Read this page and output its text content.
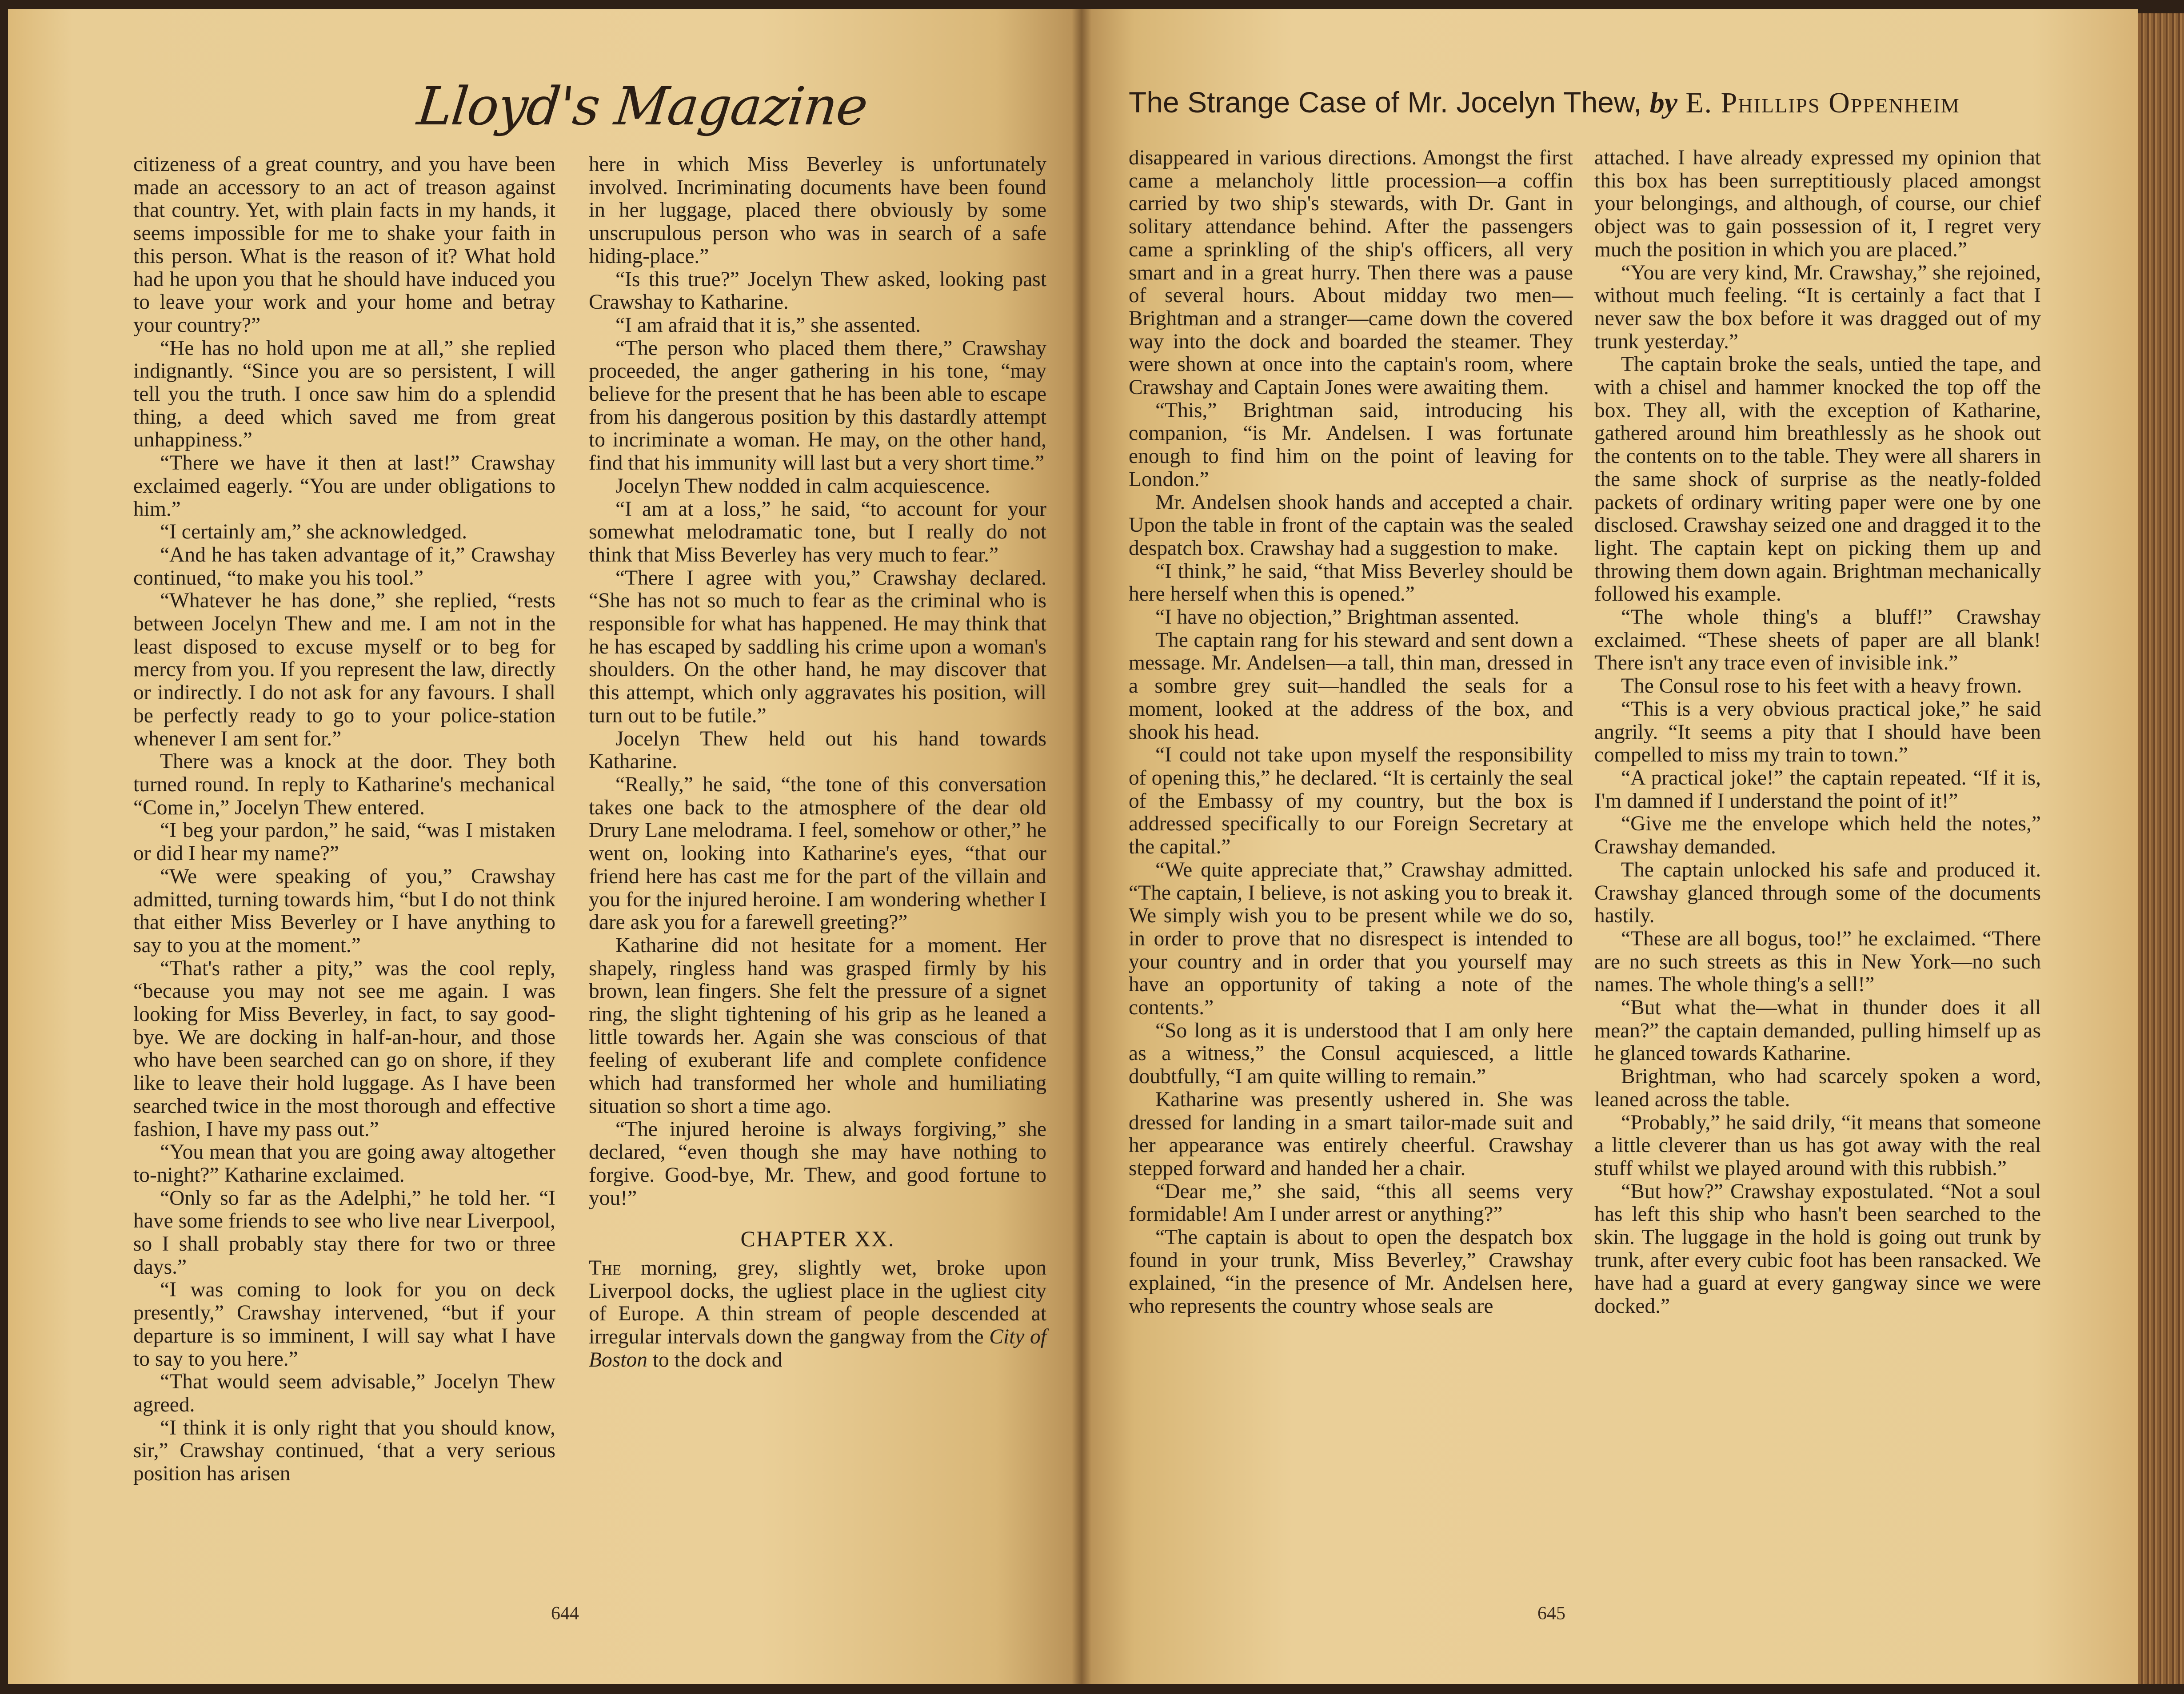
Lloyd's Magazine	The Strange Case of Mr. Jocelyn Thew, by E. Phillips Oppenheim

citizeness of a great country, and you have been made an accessory to an act of treason against that country. Yet, with plain facts in my hands, it seems impossible for me to shake your faith in this person. What is the reason of it? What hold had he upon you that he should have induced you to leave your work and your home and betray your country?”

“He has no hold upon me at all,” she replied indignantly. “Since you are so persistent, I will tell you the truth. I once saw him do a splendid thing, a deed which saved me from great unhappiness.”

“There we have it then at last!” Crawshay exclaimed eagerly. “You are under obligations to him.”

“I certainly am,” she acknowledged.

“And he has taken advantage of it,” Crawshay continued, “to make you his tool.”

“Whatever he has done,” she replied, “rests between Jocelyn Thew and me. I am not in the least disposed to excuse myself or to beg for mercy from you. If you represent the law, directly or indirectly. I do not ask for any favours. I shall be perfectly ready to go to your police-station whenever I am sent for.”

There was a knock at the door. They both turned round. In reply to Katharine's mechanical “Come in,” Jocelyn Thew entered.

“I beg your pardon,” he said, “was I mistaken or did I hear my name?”

“We were speaking of you,” Crawshay admitted, turning towards him, “but I do not think that either Miss Beverley or I have anything to say to you at the moment.”

“That's rather a pity,” was the cool reply, “because you may not see me again. I was looking for Miss Beverley, in fact, to say good-bye. We are docking in half-an-hour, and those who have been searched can go on shore, if they like to leave their hold luggage. As I have been searched twice in the most thorough and effective fashion, I have my pass out.”

“You mean that you are going away altogether to-night?” Katharine exclaimed.

“Only so far as the Adelphi,” he told her. “I have some friends to see who live near Liverpool, so I shall probably stay there for two or three days.”

“I was coming to look for you on deck presently,” Crawshay intervened, “but if your departure is so imminent, I will say what I have to say to you here.”

“That would seem advisable,” Jocelyn Thew agreed.

“I think it is only right that you should know, sir,” Crawshay continued, ‘that a very serious position has arisen

here in which Miss Beverley is unfortunately involved. Incriminating documents have been found in her luggage, placed there obviously by some unscrupulous person who was in search of a safe hiding-place.”

“Is this true?” Jocelyn Thew asked, looking past Crawshay to Katharine.

“I am afraid that it is,” she assented.

“The person who placed them there,” Crawshay proceeded, the anger gathering in his tone, “may believe for the present that he has been able to escape from his dangerous position by this dastardly attempt to incriminate a woman. He may, on the other hand, find that his immunity will last but a very short time.”

Jocelyn Thew nodded in calm acquiescence.

“I am at a loss,” he said, “to account for your somewhat melodramatic tone, but I really do not think that Miss Beverley has very much to fear.”

“There I agree with you,” Crawshay declared. “She has not so much to fear as the criminal who is responsible for what has happened. He may think that he has escaped by saddling his crime upon a woman's shoulders. On the other hand, he may discover that this attempt, which only aggravates his position, will turn out to be futile.”

Jocelyn Thew held out his hand towards Katharine.

“Really,” he said, “the tone of this conversation takes one back to the atmosphere of the dear old Drury Lane melodrama. I feel, somehow or other,” he went on, looking into Katharine's eyes, “that our friend here has cast me for the part of the villain and you for the injured heroine. I am wondering whether I dare ask you for a farewell greeting?”

Katharine did not hesitate for a moment. Her shapely, ringless hand was grasped firmly by his brown, lean fingers. She felt the pressure of a signet ring, the slight tightening of his grip as he leaned a little towards her. Again she was conscious of that feeling of exuberant life and complete confidence which had transformed her whole and humiliating situation so short a time ago.

“The injured heroine is always forgiving,” she declared, “even though she may have nothing to forgive. Good-bye, Mr. Thew, and good fortune to you!”

CHAPTER XX.

The morning, grey, slightly wet, broke upon Liverpool docks, the ugliest place in the ugliest city of Europe. A thin stream of people descended at irregular intervals down the gangway from the City of Boston to the dock and

disappeared in various directions. Amongst the first came a melancholy little procession—a coffin carried by two ship's stewards, with Dr. Gant in solitary attendance behind. After the passengers came a sprinkling of the ship's officers, all very smart and in a great hurry. Then there was a pause of several hours. About midday two men—Brightman and a stranger—came down the covered way into the dock and boarded the steamer. They were shown at once into the captain's room, where Crawshay and Captain Jones were awaiting them.

“This,” Brightman said, introducing his companion, “is Mr. Andelsen. I was fortunate enough to find him on the point of leaving for London.”

Mr. Andelsen shook hands and accepted a chair. Upon the table in front of the captain was the sealed despatch box. Crawshay had a suggestion to make.

“I think,” he said, “that Miss Beverley should be here herself when this is opened.”

“I have no objection,” Brightman assented.

The captain rang for his steward and sent down a message. Mr. Andelsen—a tall, thin man, dressed in a sombre grey suit—handled the seals for a moment, looked at the address of the box, and shook his head.

“I could not take upon myself the responsibility of opening this,” he declared. “It is certainly the seal of the Embassy of my country, but the box is addressed specifically to our Foreign Secretary at the capital.”

“We quite appreciate that,” Crawshay admitted. “The captain, I believe, is not asking you to break it. We simply wish you to be present while we do so, in order to prove that no disrespect is intended to your country and in order that you yourself may have an opportunity of taking a note of the contents.”

“So long as it is understood that I am only here as a witness,” the Consul acquiesced, a little doubtfully, “I am quite willing to remain.”

Katharine was presently ushered in. She was dressed for landing in a smart tailor-made suit and her appearance was entirely cheerful. Crawshay stepped forward and handed her a chair.

“Dear me,” she said, “this all seems very formidable! Am I under arrest or anything?”

“The captain is about to open the despatch box found in your trunk, Miss Beverley,” Crawshay explained, “in the presence of Mr. Andelsen here, who represents the country whose seals are

attached. I have already expressed my opinion that this box has been surreptitiously placed amongst your belongings, and although, of course, our chief object was to gain possession of it, I regret very much the position in which you are placed.”

“You are very kind, Mr. Crawshay,” she rejoined, without much feeling. “It is certainly a fact that I never saw the box before it was dragged out of my trunk yesterday.”

The captain broke the seals, untied the tape, and with a chisel and hammer knocked the top off the box. They all, with the exception of Katharine, gathered around him breathlessly as he shook out the contents on to the table. They were all sharers in the same shock of surprise as the neatly-folded packets of ordinary writing paper were one by one disclosed. Crawshay seized one and dragged it to the light. The captain kept on picking them up and throwing them down again. Brightman mechanically followed his example.

“The whole thing's a bluff!” Crawshay exclaimed. “These sheets of paper are all blank! There isn't any trace even of invisible ink.”

The Consul rose to his feet with a heavy frown.

“This is a very obvious practical joke,” he said angrily. “It seems a pity that I should have been compelled to miss my train to town.”

“A practical joke!” the captain repeated. “If it is, I'm damned if I understand the point of it!”

“Give me the envelope which held the notes,” Crawshay demanded.

The captain unlocked his safe and produced it. Crawshay glanced through some of the documents hastily.

“These are all bogus, too!” he exclaimed. “There are no such streets as this in New York—no such names. The whole thing's a sell!”

“But what the—what in thunder does it all mean?” the captain demanded, pulling himself up as he glanced towards Katharine.

Brightman, who had scarcely spoken a word, leaned across the table.

“Probably,” he said drily, “it means that someone a little cleverer than us has got away with the real stuff whilst we played around with this rubbish.”

“But how?” Crawshay expostulated. “Not a soul has left this ship who hasn't been searched to the skin. The luggage in the hold is going out trunk by trunk, after every cubic foot has been ransacked. We have had a guard at every gangway since we were docked.”

644	645
